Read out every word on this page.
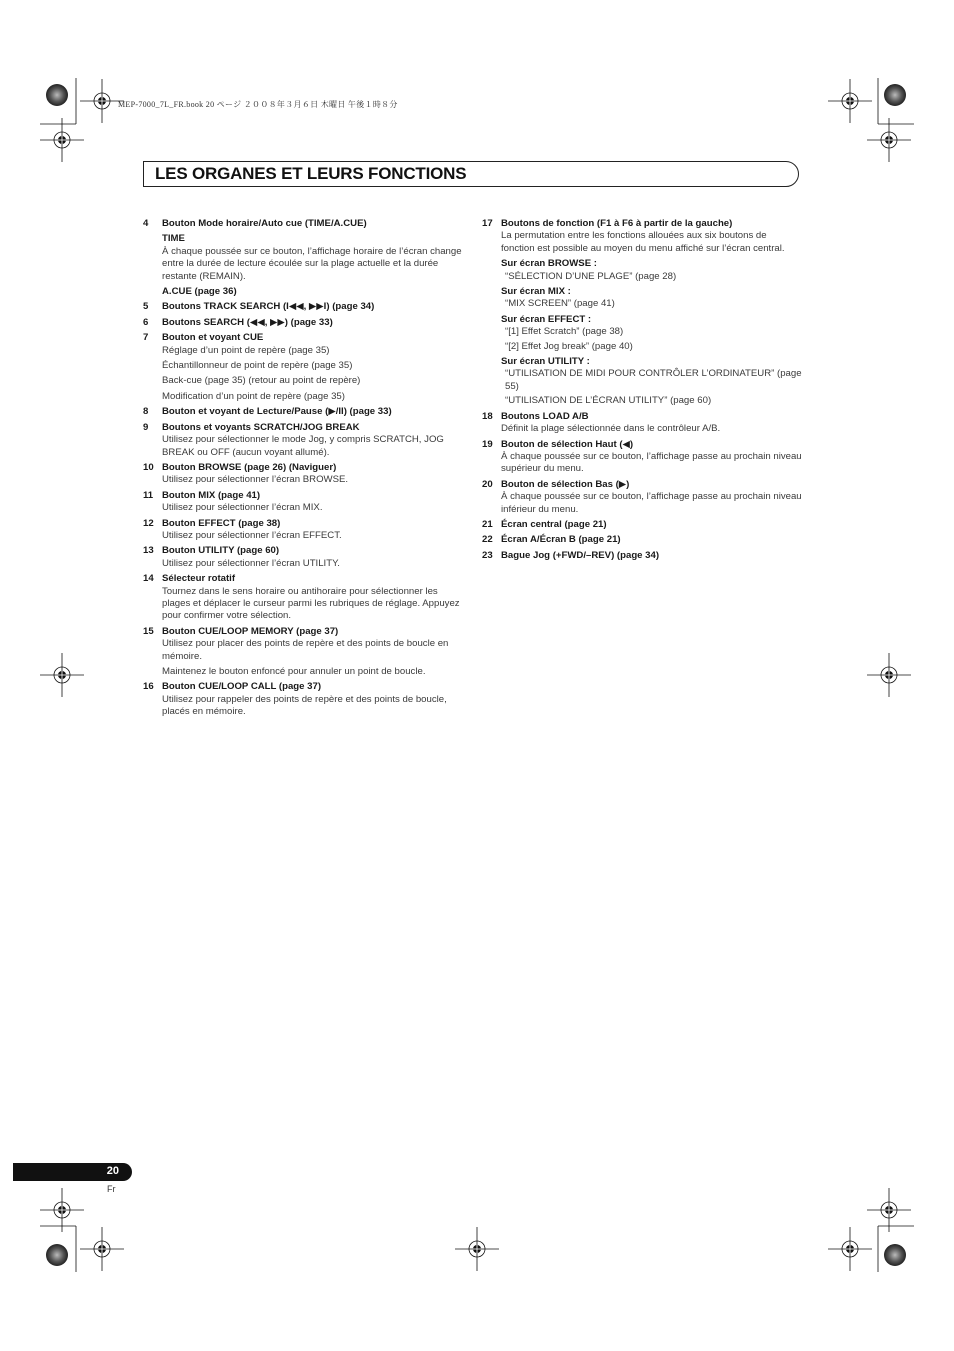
MEP-7000_7L_FR.book 20 ページ ２００８年３月６日 木曜日 午後１時８分
LES ORGANES ET LEURS FONCTIONS
4 Bouton Mode horaire/Auto cue (TIME/A.CUE)
TIME
À chaque poussée sur ce bouton, l’affichage horaire de l’écran change entre la durée de lecture écoulée sur la plage actuelle et la durée restante (REMAIN).
A.CUE (page 36)
5 Boutons TRACK SEARCH (I◀◀, ▶▶I) (page 34)
6 Boutons SEARCH (◀◀, ▶▶) (page 33)
7 Bouton et voyant CUE
Réglage d’un point de repère (page 35)
Échantillonneur de point de repère (page 35)
Back-cue (page 35) (retour au point de repère)
Modification d’un point de repère (page 35)
8 Bouton et voyant de Lecture/Pause (▶/II) (page 33)
9 Boutons et voyants SCRATCH/JOG BREAK
Utilisez pour sélectionner le mode Jog, y compris SCRATCH, JOG BREAK ou OFF (aucun voyant allumé).
10 Bouton BROWSE (page 26) (Naviguer)
Utilisez pour sélectionner l’écran BROWSE.
11 Bouton MIX (page 41)
Utilisez pour sélectionner l’écran MIX.
12 Bouton EFFECT (page 38)
Utilisez pour sélectionner l’écran EFFECT.
13 Bouton UTILITY (page 60)
Utilisez pour sélectionner l’écran UTILITY.
14 Sélecteur rotatif
Tournez dans le sens horaire ou antihoraire pour sélectionner les plages et déplacer le curseur parmi les rubriques de réglage. Appuyez pour confirmer votre sélection.
15 Bouton CUE/LOOP MEMORY (page 37)
Utilisez pour placer des points de repère et des points de boucle en mémoire.
Maintenez le bouton enfoncé pour annuler un point de boucle.
16 Bouton CUE/LOOP CALL (page 37)
Utilisez pour rappeler des points de repère et des points de boucle, placés en mémoire.
17 Boutons de fonction (F1 à F6 à partir de la gauche)
La permutation entre les fonctions allouées aux six boutons de fonction est possible au moyen du menu affiché sur l’écran central.
Sur écran BROWSE :
“SÉLECTION D’UNE PLAGE” (page 28)
Sur écran MIX :
“MIX SCREEN” (page 41)
Sur écran EFFECT :
“[1] Effet Scratch” (page 38)
“[2] Effet Jog break” (page 40)
Sur écran UTILITY :
“UTILISATION DE MIDI POUR CONTRÔLER L’ORDINATEUR” (page 55)
“UTILISATION DE L’ÉCRAN UTILITY” (page 60)
18 Boutons LOAD A/B
Définit la plage sélectionnée dans le contrôleur A/B.
19 Bouton de sélection Haut (◀)
À chaque poussée sur ce bouton, l’affichage passe au prochain niveau supérieur du menu.
20 Bouton de sélection Bas (▶)
À chaque poussée sur ce bouton, l’affichage passe au prochain niveau inférieur du menu.
21 Écran central (page 21)
22 Écran A/Écran B (page 21)
23 Bague Jog (+FWD/–REV) (page 34)
20
Fr
